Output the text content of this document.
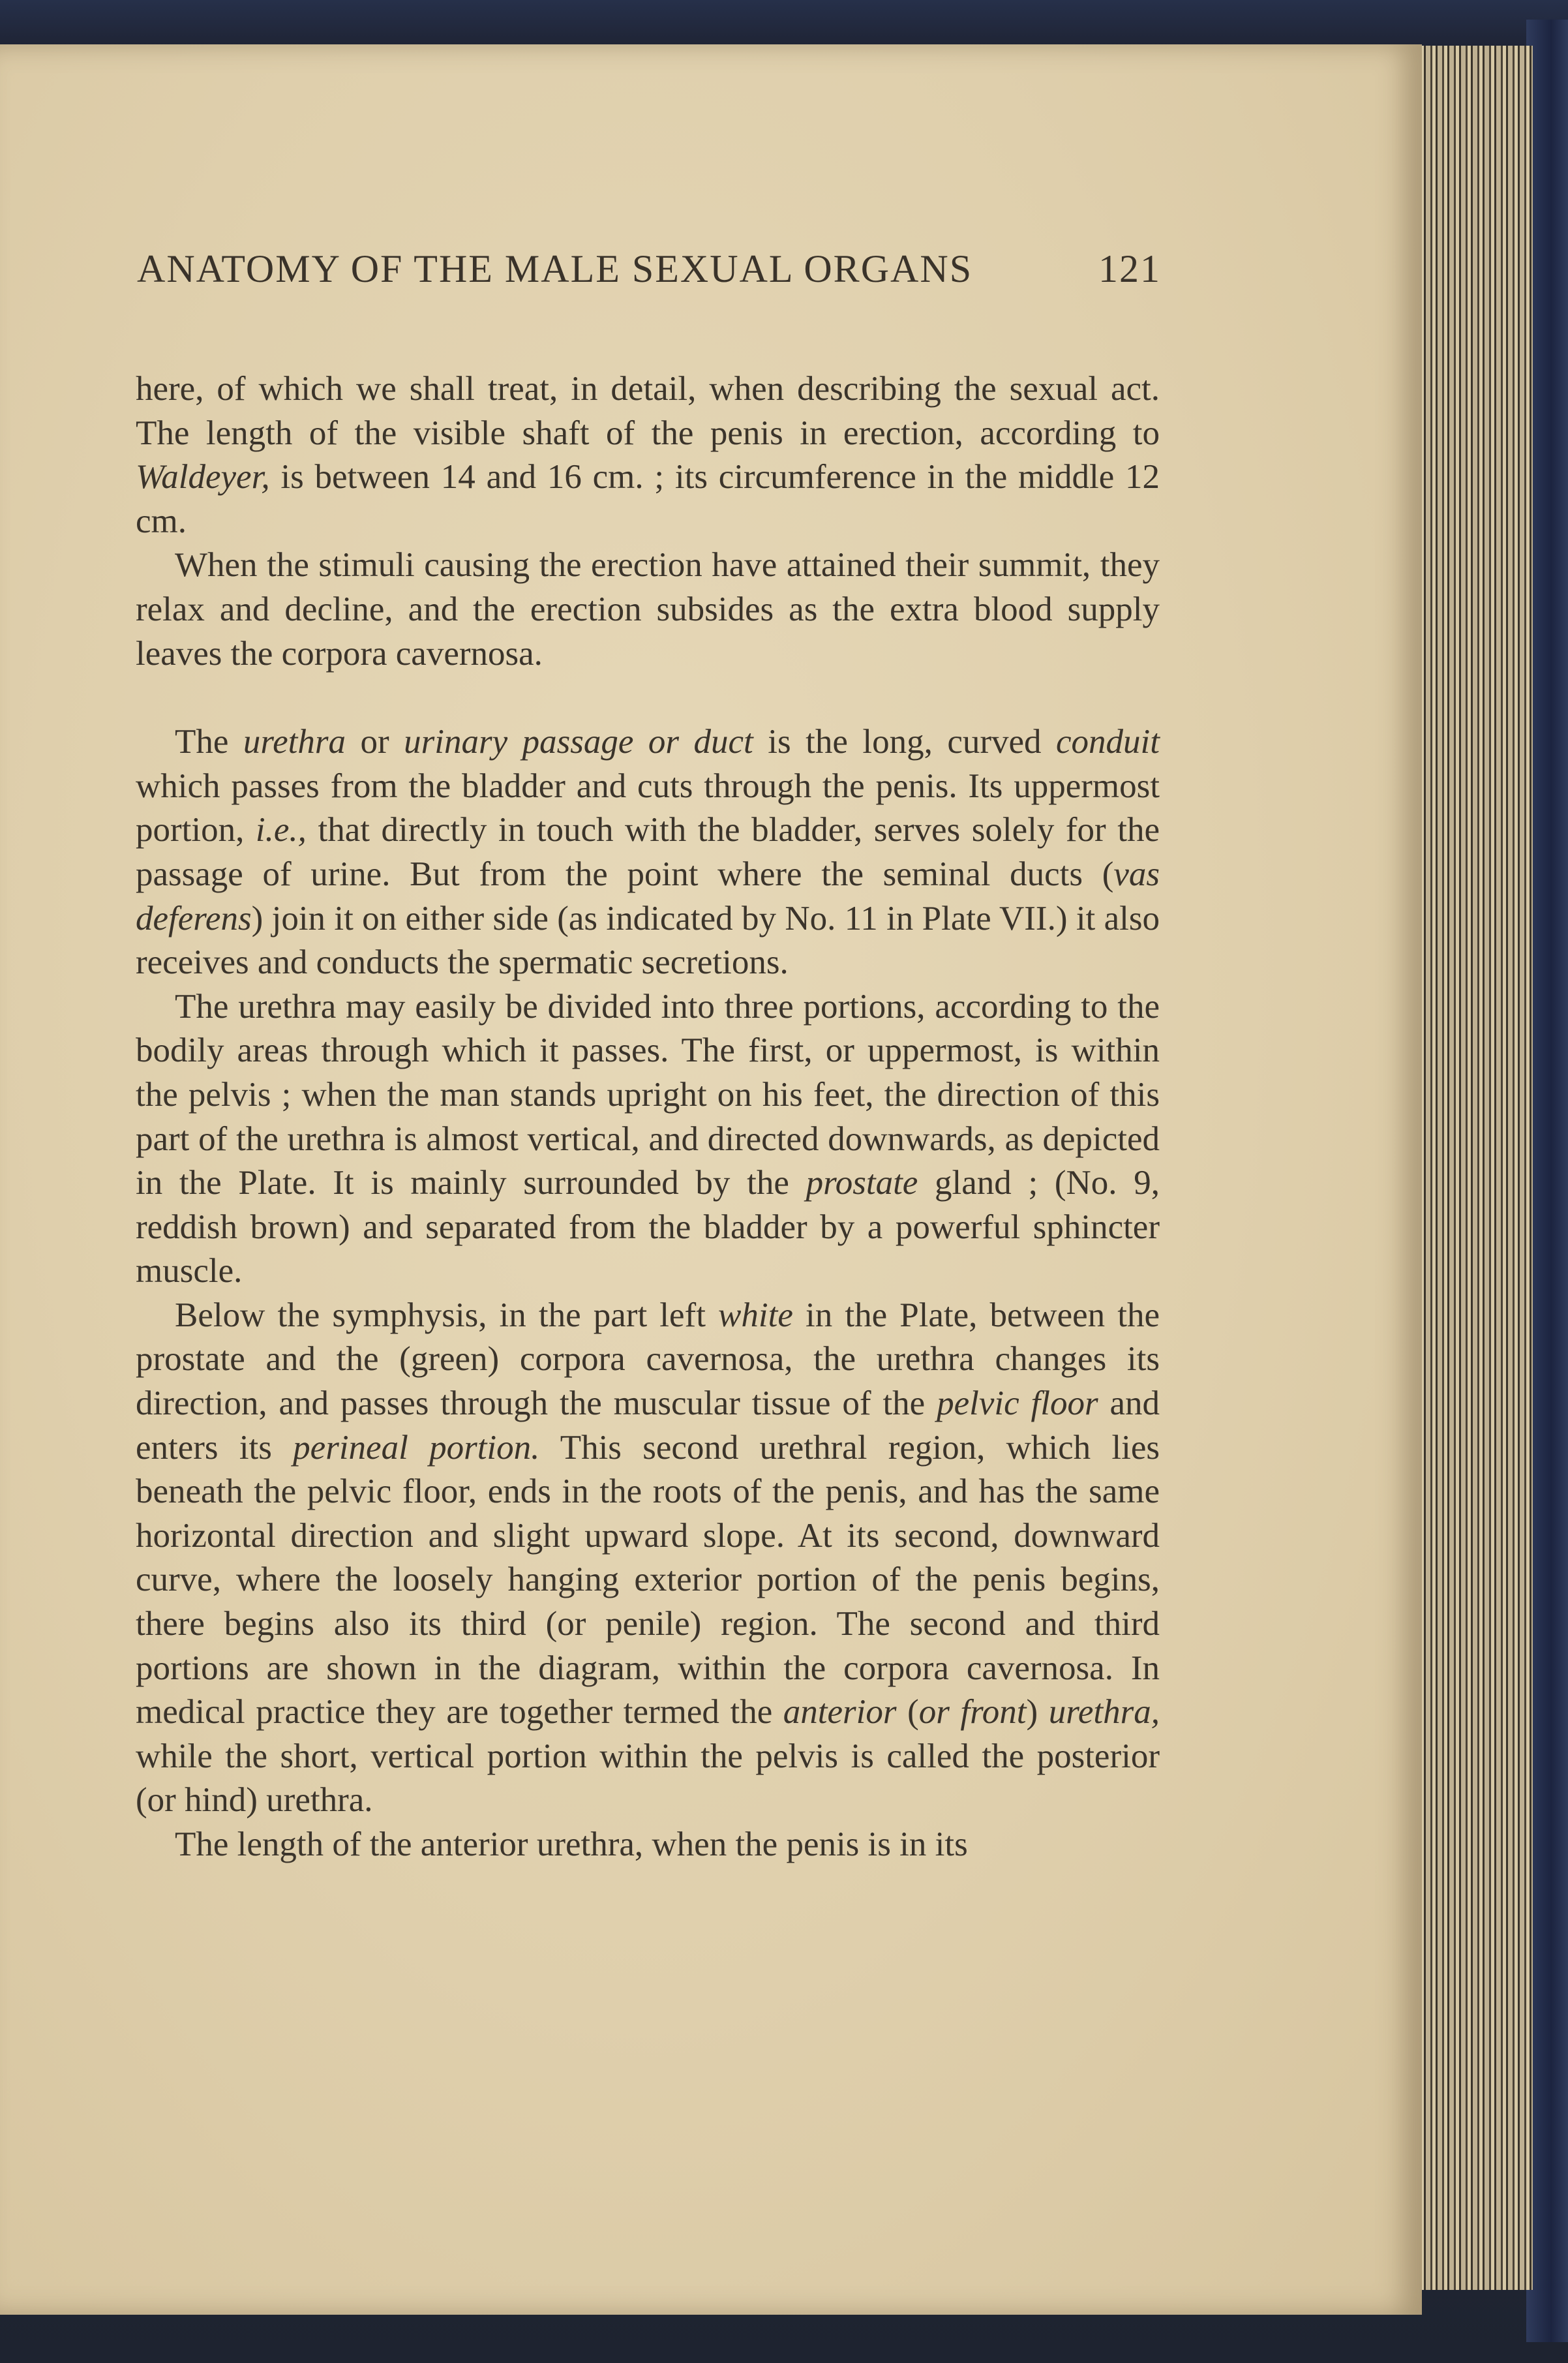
ANATOMY OF THE MALE SEXUAL ORGANS	121

here, of which we shall treat, in detail, when describing the sexual act. The length of the visible shaft of the penis in erection, according to Waldeyer, is between 14 and 16 cm. ; its circumference in the middle 12 cm.

When the stimuli causing the erection have attained their summit, they relax and decline, and the erection subsides as the extra blood supply leaves the corpora cavernosa.

The urethra or urinary passage or duct is the long, curved conduit which passes from the bladder and cuts through the penis. Its uppermost portion, i.e., that directly in touch with the bladder, serves solely for the passage of urine. But from the point where the seminal ducts (vas deferens) join it on either side (as indicated by No. 11 in Plate VII.) it also receives and conducts the spermatic secretions.

The urethra may easily be divided into three portions, according to the bodily areas through which it passes. The first, or uppermost, is within the pelvis ; when the man stands upright on his feet, the direction of this part of the urethra is almost vertical, and directed downwards, as depicted in the Plate. It is mainly surrounded by the prostate gland ; (No. 9, reddish brown) and separated from the bladder by a powerful sphincter muscle.

Below the symphysis, in the part left white in the Plate, between the prostate and the (green) corpora cavernosa, the urethra changes its direction, and passes through the muscular tissue of the pelvic floor and enters its perineal portion. This second urethral region, which lies beneath the pelvic floor, ends in the roots of the penis, and has the same horizontal direction and slight upward slope. At its second, downward curve, where the loosely hanging exterior portion of the penis begins, there begins also its third (or penile) region. The second and third portions are shown in the diagram, within the corpora cavernosa. In medical practice they are together termed the anterior (or front) urethra, while the short, vertical portion within the pelvis is called the posterior (or hind) urethra.

The length of the anterior urethra, when the penis is in its
